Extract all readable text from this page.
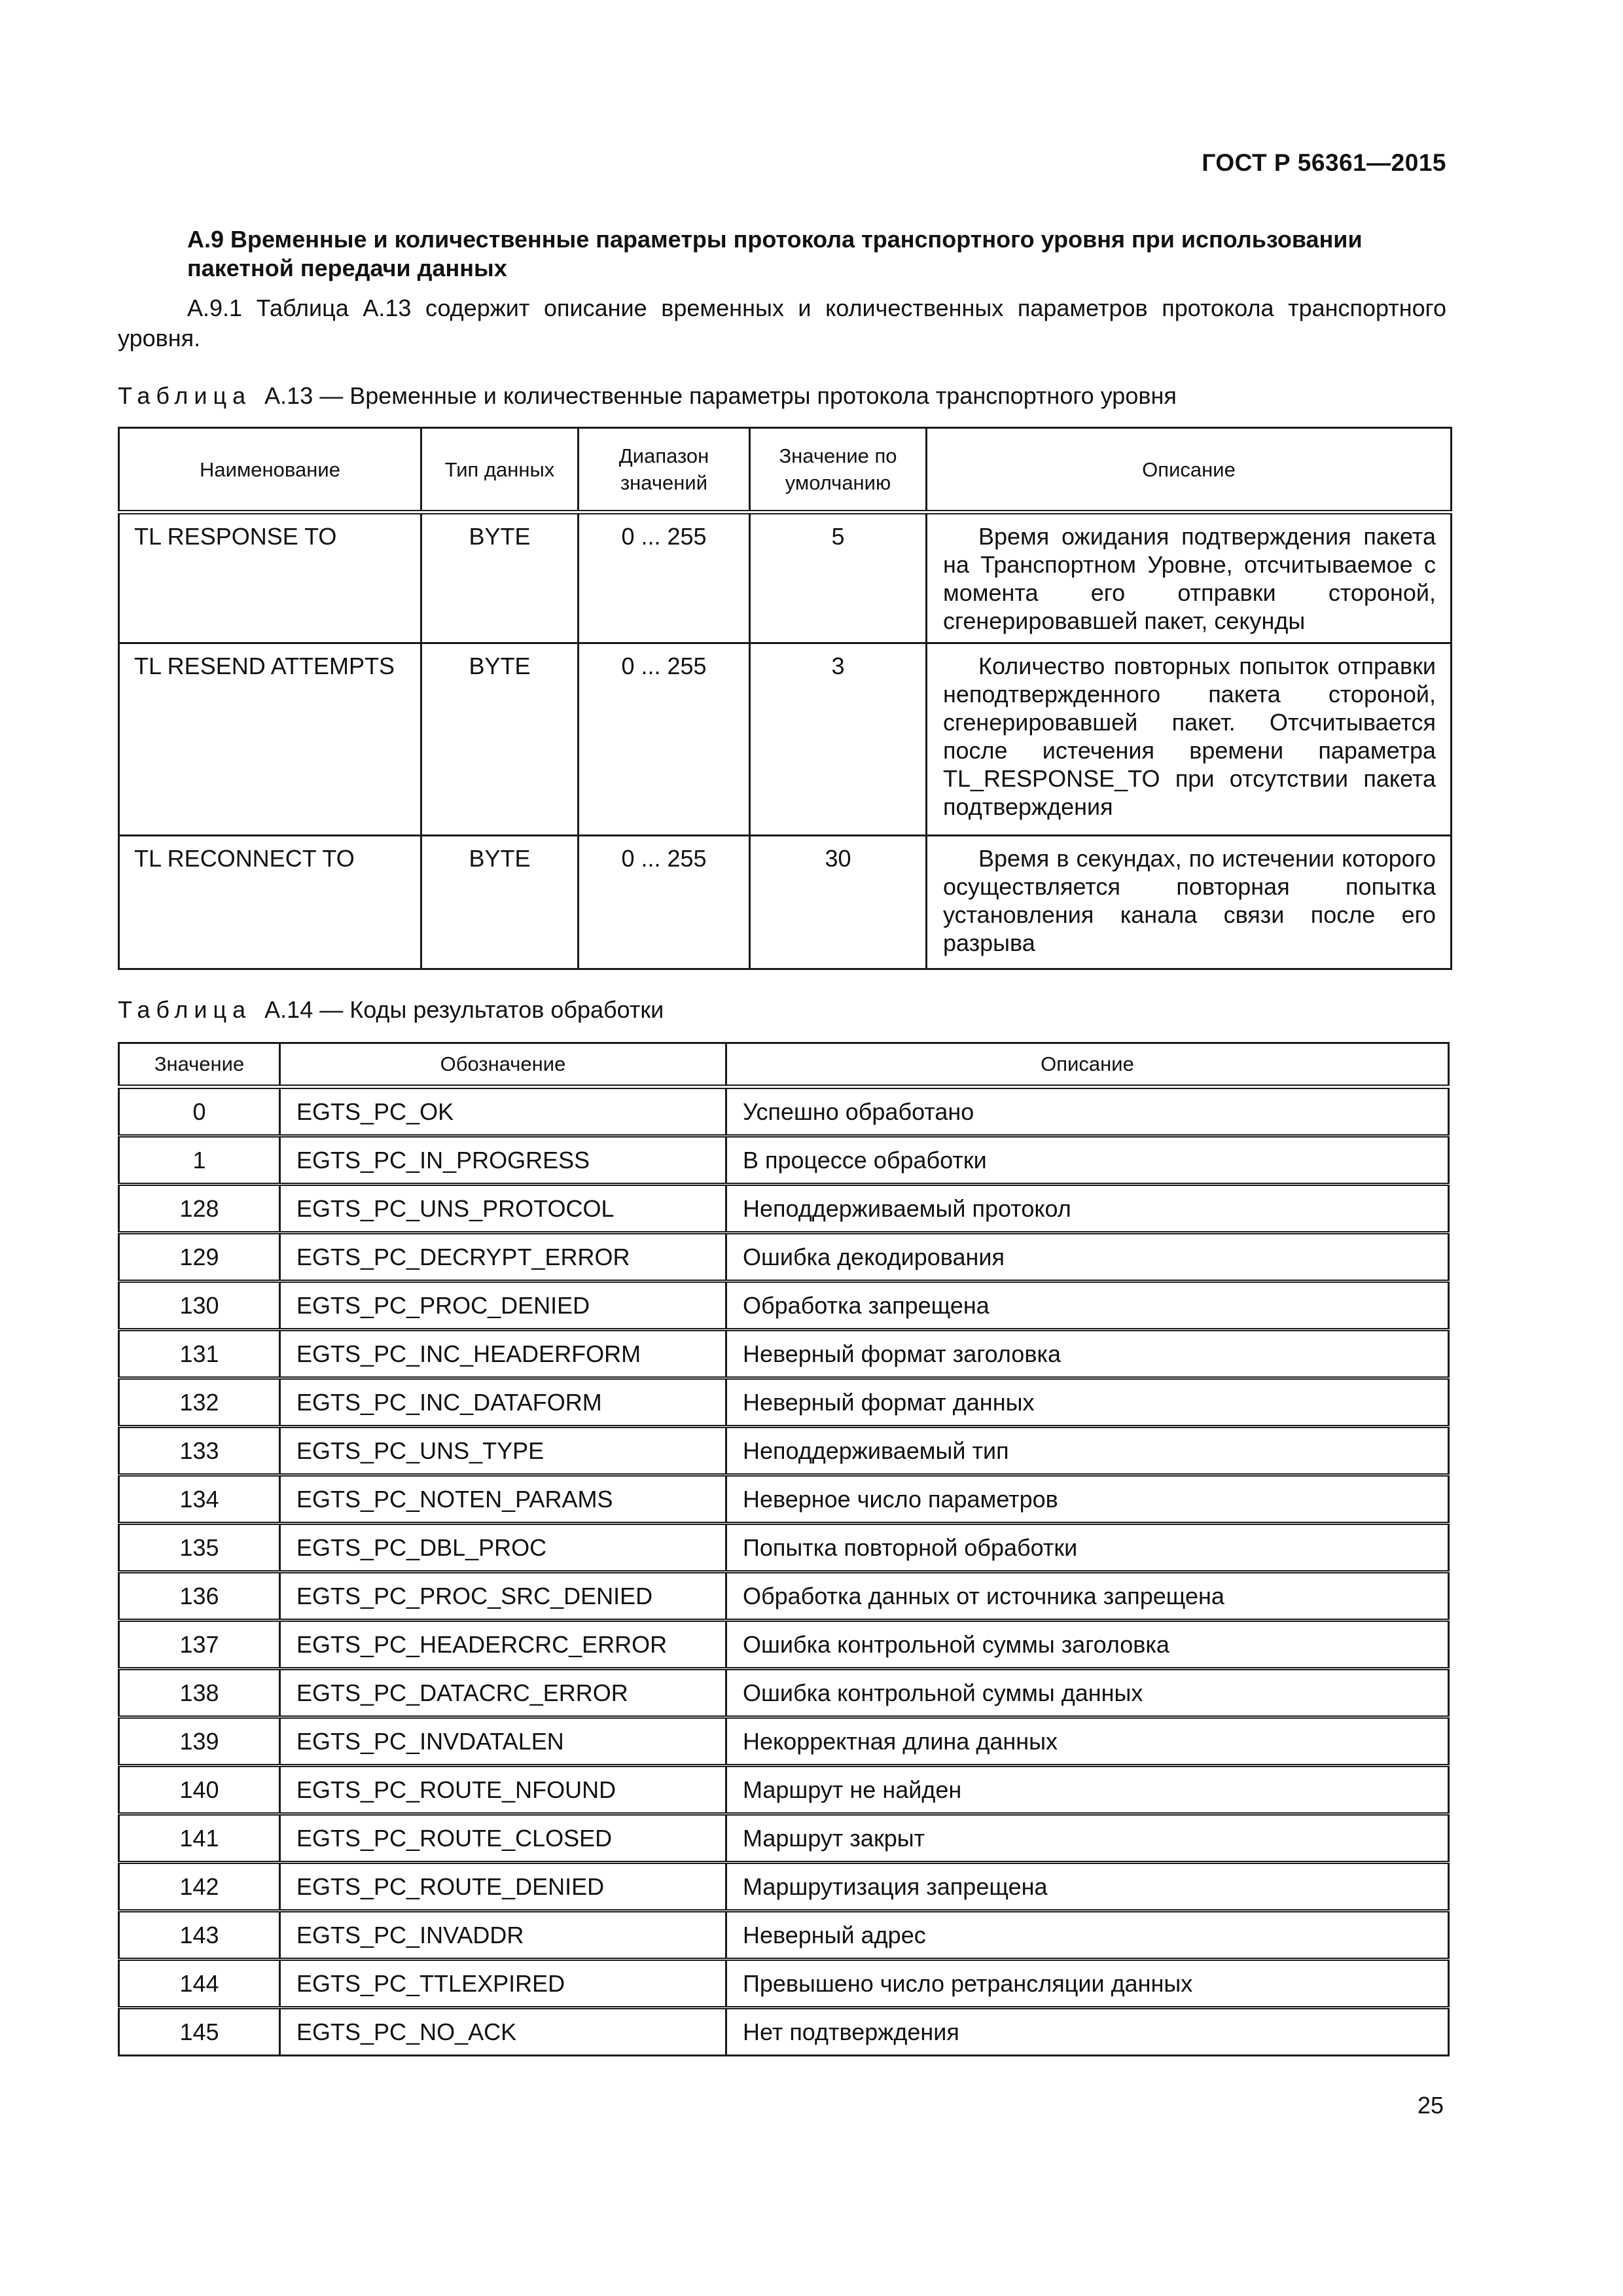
ГОСТ Р 56361—2015
А.9 Временные и количественные параметры протокола транспортного уровня при использовании пакетной передачи данных
А.9.1 Таблица А.13 содержит описание временных и количественных параметров протокола транспортного уровня.
Таблица А.13 — Временные и количественные параметры протокола транспортного уровня
Наименование	Тип данных	Диапазон значений	Значение по умолчанию	Описание
TL RESPONSE TO	BYTE	0 ... 255	5	Время ожидания подтверждения пакета на Транспортном Уровне, отсчитываемое с момента его отправки стороной, сгенерировавшей пакет, секунды
TL RESEND ATTEMPTS	BYTE	0 ... 255	3	Количество повторных попыток отправки неподтвержденного пакета стороной, сгенерировавшей пакет. Отсчитывается после истечения времени параметра TL_RESPONSE_TO при отсутствии пакета подтверждения
TL RECONNECT TO	BYTE	0 ... 255	30	Время в секундах, по истечении которого осуществляется повторная попытка установления канала связи после его разрыва
Таблица А.14 — Коды результатов обработки
Значение	Обозначение	Описание
0	EGTS_PC_OK	Успешно обработано
1	EGTS_PC_IN_PROGRESS	В процессе обработки
128	EGTS_PC_UNS_PROTOCOL	Неподдерживаемый протокол
129	EGTS_PC_DECRYPT_ERROR	Ошибка декодирования
130	EGTS_PC_PROC_DENIED	Обработка запрещена
131	EGTS_PC_INC_HEADERFORM	Неверный формат заголовка
132	EGTS_PC_INC_DATAFORM	Неверный формат данных
133	EGTS_PC_UNS_TYPE	Неподдерживаемый тип
134	EGTS_PC_NOTEN_PARAMS	Неверное число параметров
135	EGTS_PC_DBL_PROC	Попытка повторной обработки
136	EGTS_PC_PROC_SRC_DENIED	Обработка данных от источника запрещена
137	EGTS_PC_HEADERCRC_ERROR	Ошибка контрольной суммы заголовка
138	EGTS_PC_DATACRC_ERROR	Ошибка контрольной суммы данных
139	EGTS_PC_INVDATALEN	Некорректная длина данных
140	EGTS_PC_ROUTE_NFOUND	Маршрут не найден
141	EGTS_PC_ROUTE_CLOSED	Маршрут закрыт
142	EGTS_PC_ROUTE_DENIED	Маршрутизация запрещена
143	EGTS_PC_INVADDR	Неверный адрес
144	EGTS_PC_TTLEXPIRED	Превышено число ретрансляции данных
145	EGTS_PC_NO_ACK	Нет подтверждения
25
